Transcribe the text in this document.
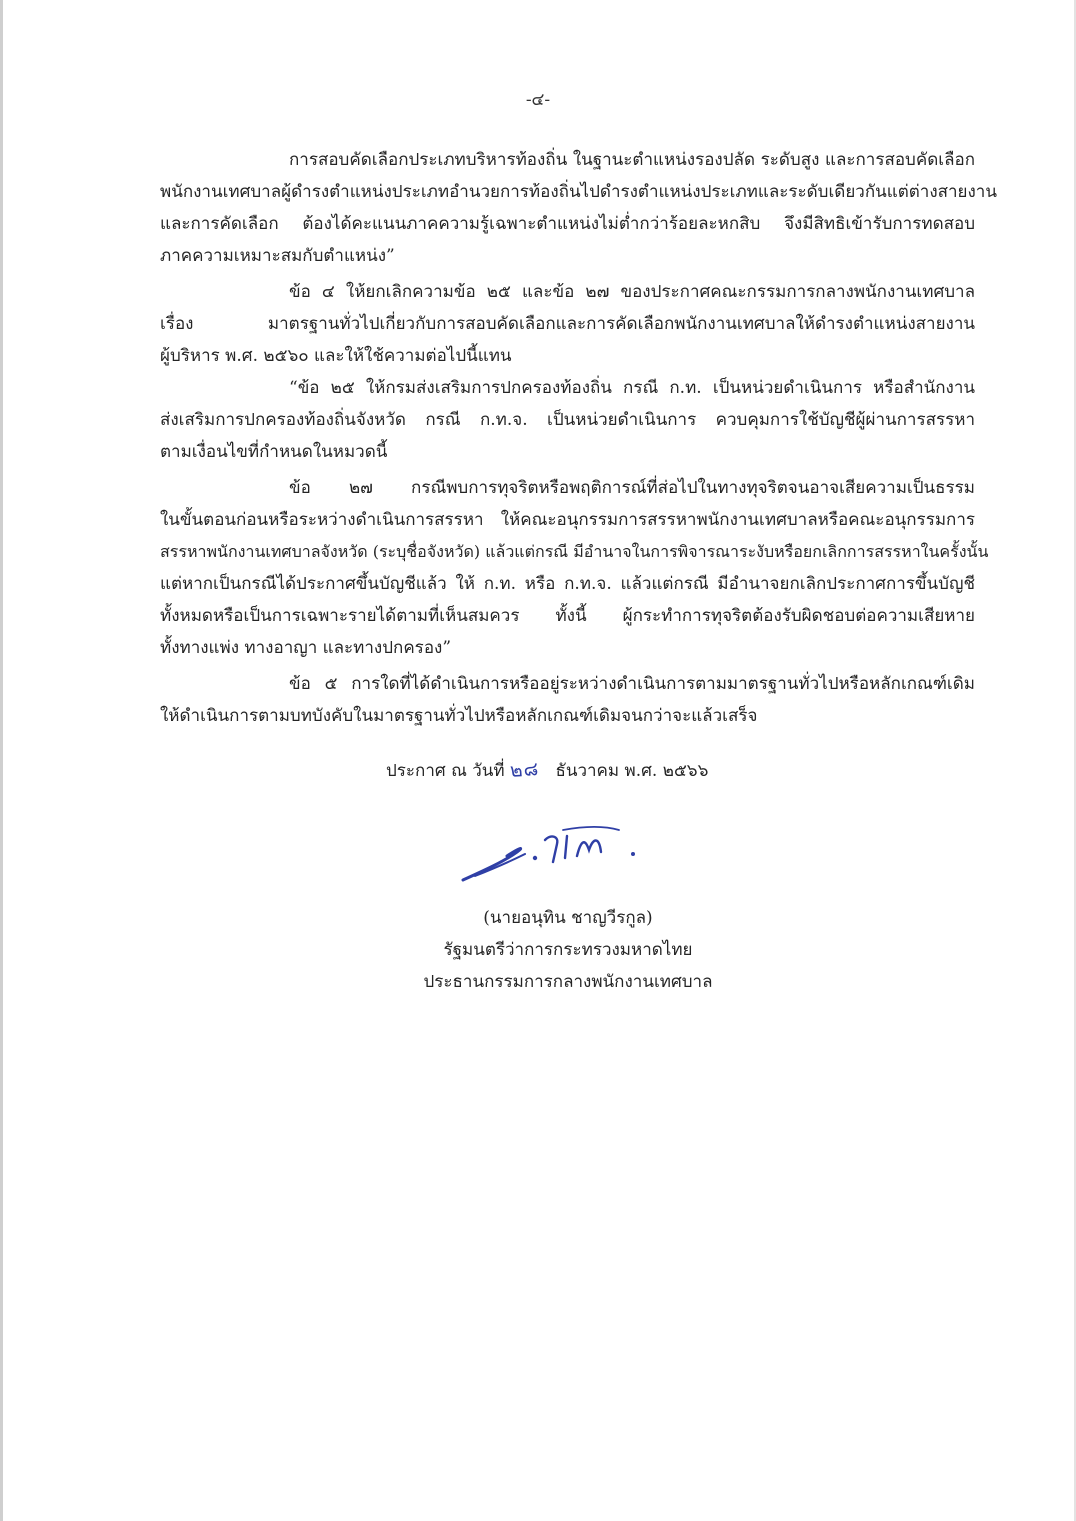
-๔-
การสอบคัดเลือกประเภทบริหารท้องถิ่น ในฐานะตำแหน่งรองปลัด ระดับสูง และการสอบคัดเลือก
พนักงานเทศบาลผู้ดำรงตำแหน่งประเภทอำนวยการท้องถิ่นไปดำรงตำแหน่งประเภทและระดับเดียวกันแต่ต่างสายงาน
และการคัดเลือก ต้องได้คะแนนภาคความรู้เฉพาะตำแหน่งไม่ต่ำกว่าร้อยละหกสิบ จึงมีสิทธิเข้ารับการทดสอบ
ภาคความเหมาะสมกับตำแหน่ง”
ข้อ ๔ ให้ยกเลิกความข้อ ๒๕ และข้อ ๒๗ ของประกาศคณะกรรมการกลางพนักงานเทศบาล
เรื่อง มาตรฐานทั่วไปเกี่ยวกับการสอบคัดเลือกและการคัดเลือกพนักงานเทศบาลให้ดำรงตำแหน่งสายงาน
ผู้บริหาร พ.ศ. ๒๕๖๐ และให้ใช้ความต่อไปนี้แทน
“ข้อ ๒๕ ให้กรมส่งเสริมการปกครองท้องถิ่น กรณี ก.ท. เป็นหน่วยดำเนินการ หรือสำนักงาน
ส่งเสริมการปกครองท้องถิ่นจังหวัด กรณี ก.ท.จ. เป็นหน่วยดำเนินการ ควบคุมการใช้บัญชีผู้ผ่านการสรรหา
ตามเงื่อนไขที่กำหนดในหมวดนี้
ข้อ ๒๗ กรณีพบการทุจริตหรือพฤติการณ์ที่ส่อไปในทางทุจริตจนอาจเสียความเป็นธรรม
ในขั้นตอนก่อนหรือระหว่างดำเนินการสรรหา ให้คณะอนุกรรมการสรรหาพนักงานเทศบาลหรือคณะอนุกรรมการ
สรรหาพนักงานเทศบาลจังหวัด (ระบุชื่อจังหวัด) แล้วแต่กรณี มีอำนาจในการพิจารณาระงับหรือยกเลิกการสรรหาในครั้งนั้น
แต่หากเป็นกรณีได้ประกาศขึ้นบัญชีแล้ว ให้ ก.ท. หรือ ก.ท.จ. แล้วแต่กรณี มีอำนาจยกเลิกประกาศการขึ้นบัญชี
ทั้งหมดหรือเป็นการเฉพาะรายได้ตามที่เห็นสมควร ทั้งนี้ ผู้กระทำการทุจริตต้องรับผิดชอบต่อความเสียหาย
ทั้งทางแพ่ง ทางอาญา และทางปกครอง”
ข้อ ๕ การใดที่ได้ดำเนินการหรืออยู่ระหว่างดำเนินการตามมาตรฐานทั่วไปหรือหลักเกณฑ์เดิม
ให้ดำเนินการตามบทบังคับในมาตรฐานทั่วไปหรือหลักเกณฑ์เดิมจนกว่าจะแล้วเสร็จ
ประกาศ ณ วันที่ ๒๘ ธันวาคม พ.ศ. ๒๕๖๖
(นายอนุทิน ชาญวีรกูล)
รัฐมนตรีว่าการกระทรวงมหาดไทย
ประธานกรรมการกลางพนักงานเทศบาล
